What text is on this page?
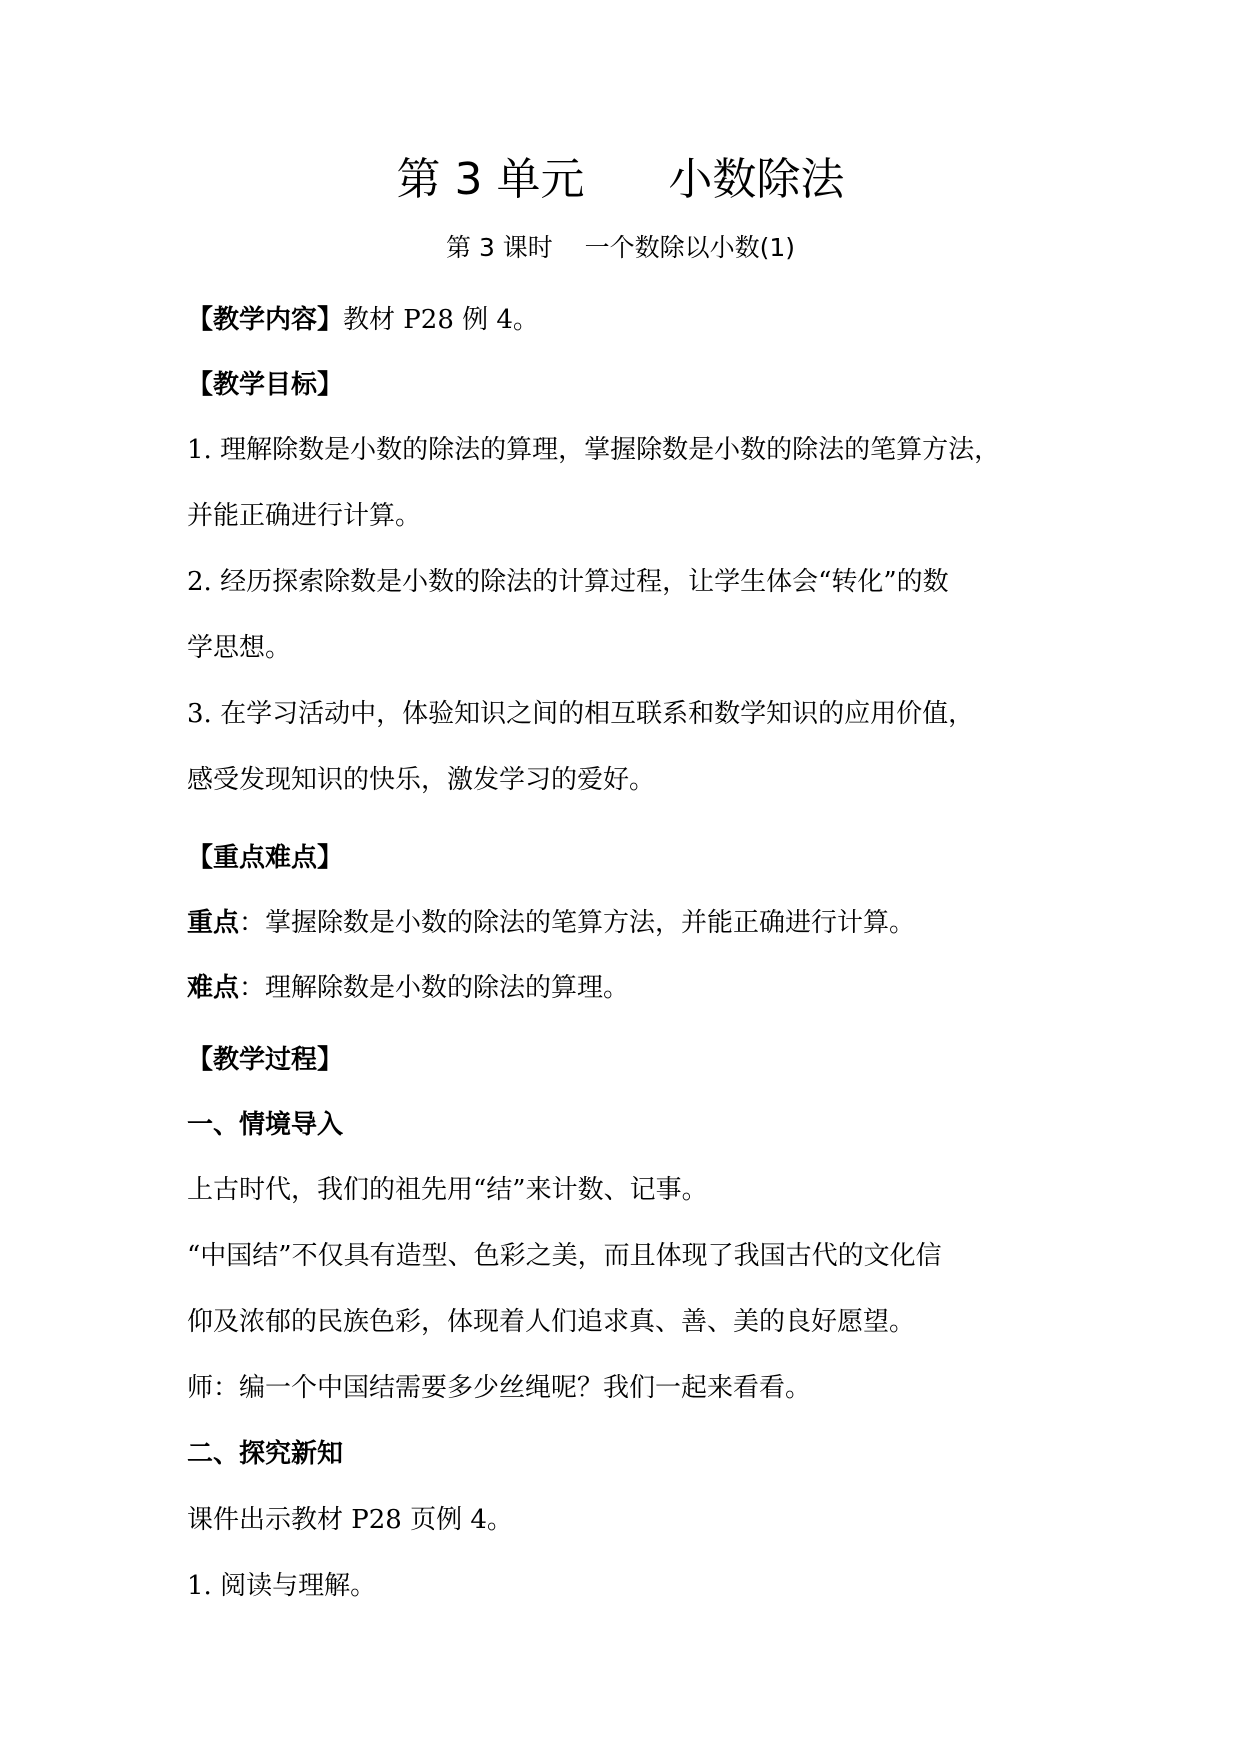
第 3 单元      小数除法
第 3 课时    一个数除以小数(1)
【教学内容】教材 P28 例 4。
【教学目标】
1. 理解除数是小数的除法的算理，掌握除数是小数的除法的笔算方法，
并能正确进行计算。
2. 经历探索除数是小数的除法的计算过程，让学生体会“转化”的数
学思想。
3. 在学习活动中，体验知识之间的相互联系和数学知识的应用价值，
感受发现知识的快乐，激发学习的爱好。
【重点难点】
重点：掌握除数是小数的除法的笔算方法，并能正确进行计算。
难点：理解除数是小数的除法的算理。
【教学过程】
一、情境导入
上古时代，我们的祖先用“结”来计数、记事。
“中国结”不仅具有造型、色彩之美，而且体现了我国古代的文化信
仰及浓郁的民族色彩，体现着人们追求真、善、美的良好愿望。
师：编一个中国结需要多少丝绳呢？我们一起来看看。
二、探究新知
课件出示教材 P28 页例 4。
1. 阅读与理解。
